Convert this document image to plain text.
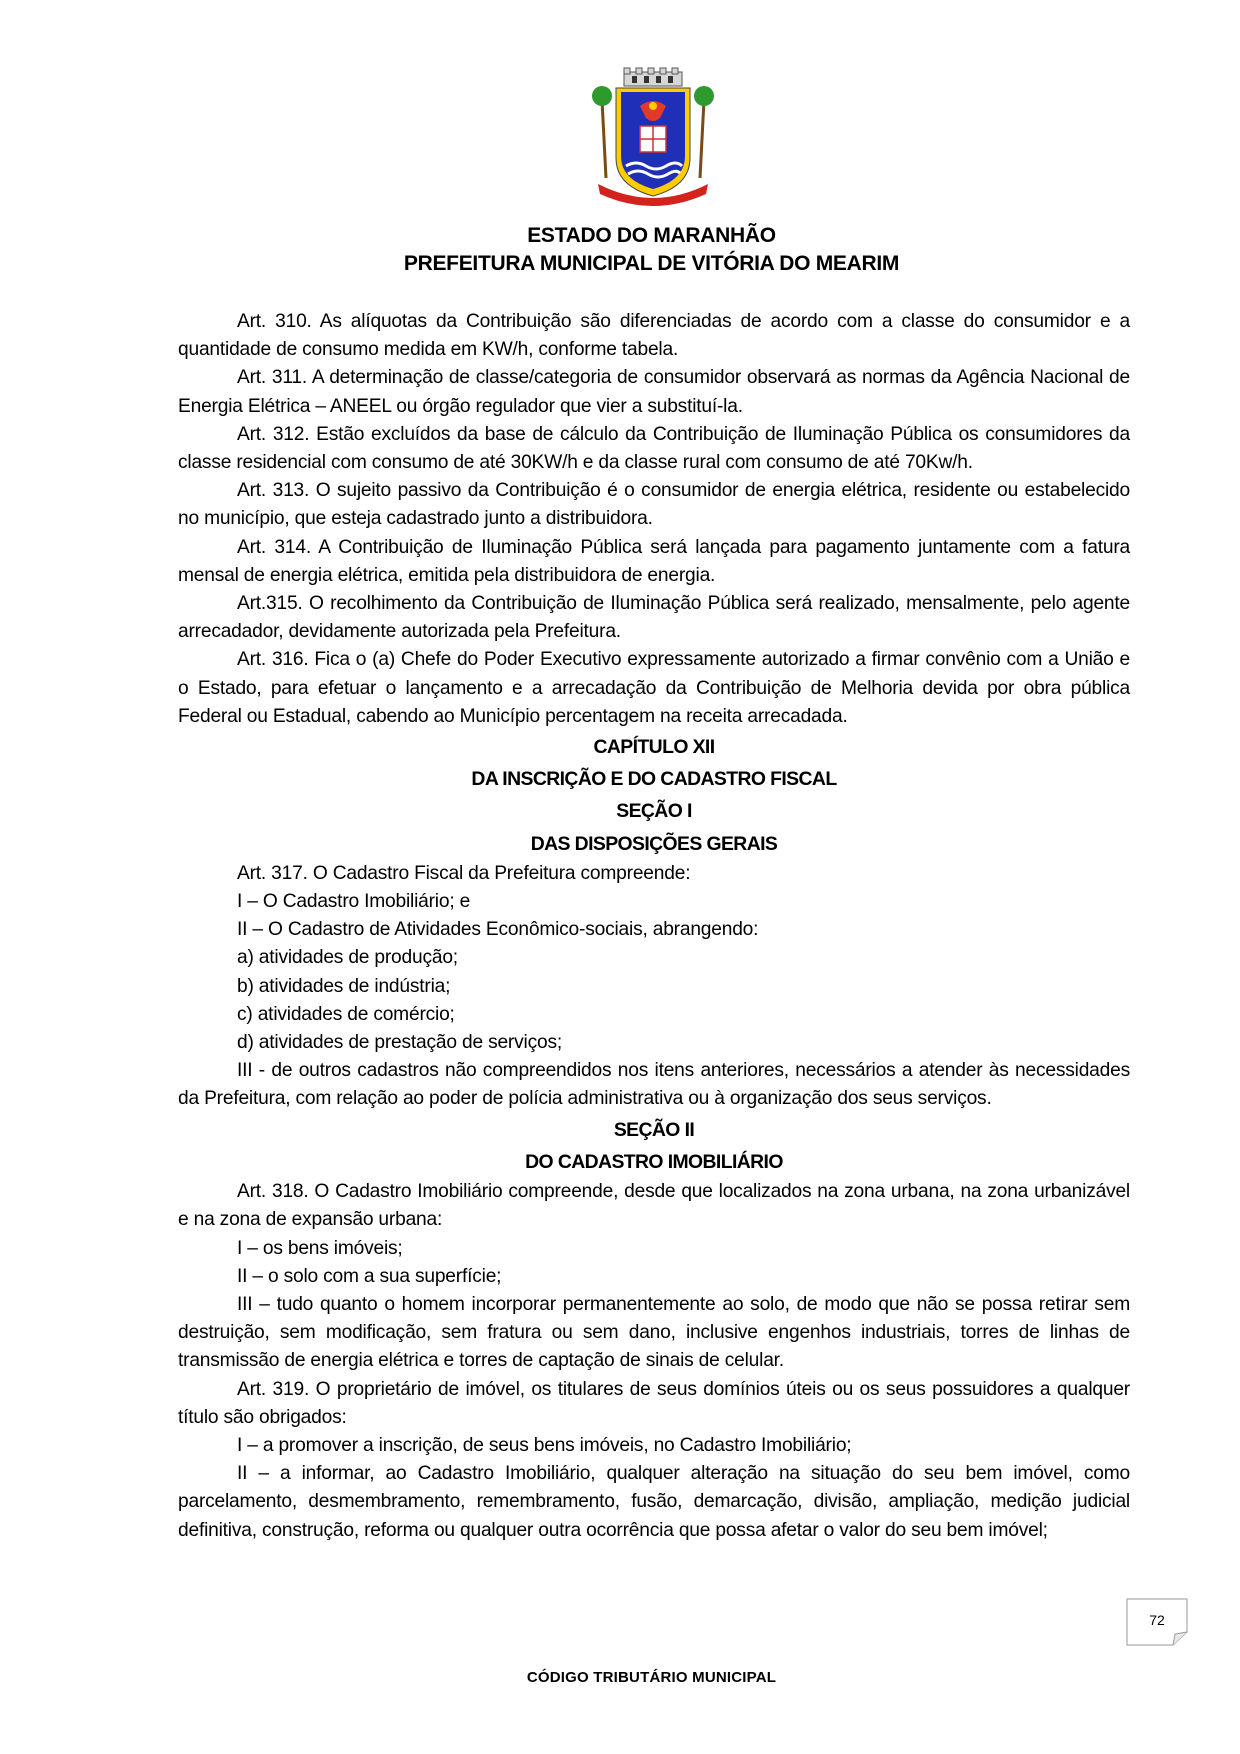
ESTADO DO MARANHÃO
PREFEITURA MUNICIPAL DE VITÓRIA DO MEARIM

Art. 310. As alíquotas da Contribuição são diferenciadas de acordo com a classe do consumidor e a quantidade de consumo medida em KW/h, conforme tabela.

Art. 311. A determinação de classe/categoria de consumidor observará as normas da Agência Nacional de Energia Elétrica – ANEEL ou órgão regulador que vier a substituí-la.

Art. 312. Estão excluídos da base de cálculo da Contribuição de Iluminação Pública os consumidores da classe residencial com consumo de até 30KW/h e da classe rural com consumo de até 70Kw/h.

Art. 313. O sujeito passivo da Contribuição é o consumidor de energia elétrica, residente ou estabelecido no município, que esteja cadastrado junto a distribuidora.

Art. 314. A Contribuição de Iluminação Pública será lançada para pagamento juntamente com a fatura mensal de energia elétrica, emitida pela distribuidora de energia.

Art.315. O recolhimento da Contribuição de Iluminação Pública será realizado, mensalmente, pelo agente arrecadador, devidamente autorizada pela Prefeitura.

Art. 316. Fica o (a) Chefe do Poder Executivo expressamente autorizado a firmar convênio com a União e o Estado, para efetuar o lançamento e a arrecadação da Contribuição de Melhoria devida por obra pública Federal ou Estadual, cabendo ao Município percentagem na receita arrecadada.

CAPÍTULO XII

DA INSCRIÇÃO E DO CADASTRO FISCAL

SEÇÃO I

DAS DISPOSIÇÕES GERAIS

Art. 317. O Cadastro Fiscal da Prefeitura compreende:

I – O Cadastro Imobiliário; e

II – O Cadastro de Atividades Econômico-sociais, abrangendo:

a) atividades de produção;

b) atividades de indústria;

c) atividades de comércio;

d) atividades de prestação de serviços;

III - de outros cadastros não compreendidos nos itens anteriores, necessários a atender às necessidades da Prefeitura, com relação ao poder de polícia administrativa ou à organização dos seus serviços.

SEÇÃO II

DO CADASTRO IMOBILIÁRIO

Art. 318. O Cadastro Imobiliário compreende, desde que localizados na zona urbana, na zona urbanizável e na zona de expansão urbana:

I – os bens imóveis;

II – o solo com a sua superfície;

III – tudo quanto o homem incorporar permanentemente ao solo, de modo que não se possa retirar sem destruição, sem modificação, sem fratura ou sem dano, inclusive engenhos industriais, torres de linhas de transmissão de energia elétrica e torres de captação de sinais de celular.

Art. 319. O proprietário de imóvel, os titulares de seus domínios úteis ou os seus possuidores a qualquer título são obrigados:

I – a promover a inscrição, de seus bens imóveis, no Cadastro Imobiliário;

II – a informar, ao Cadastro Imobiliário, qualquer alteração na situação do seu bem imóvel, como parcelamento, desmembramento, remembramento, fusão, demarcação, divisão, ampliação, medição judicial definitiva, construção, reforma ou qualquer outra ocorrência que possa afetar o valor do seu bem imóvel;

72
CÓDIGO TRIBUTÁRIO MUNICIPAL
